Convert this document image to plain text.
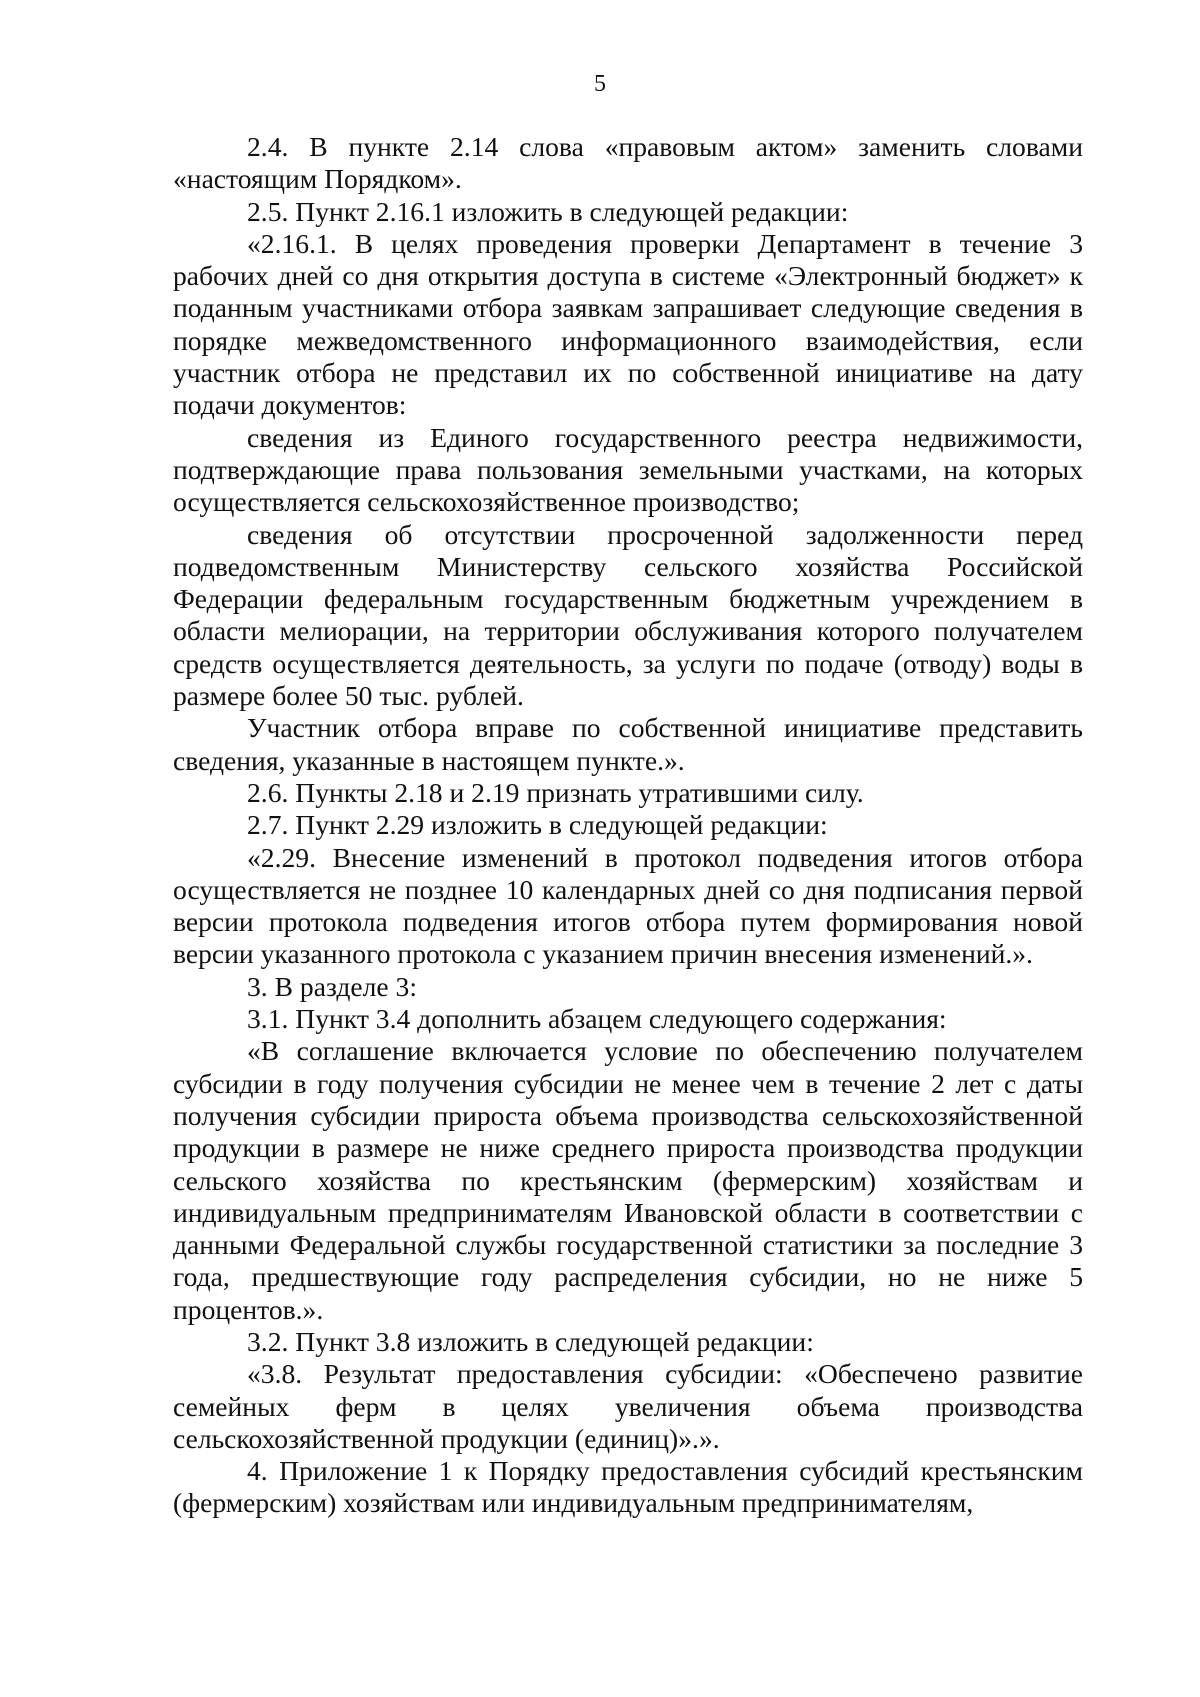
5

2.4. В пункте 2.14 слова «правовым актом» заменить словами «настоящим Порядком».

2.5. Пункт 2.16.1 изложить в следующей редакции:

«2.16.1. В целях проведения проверки Департамент в течение 3 рабочих дней со дня открытия доступа в системе «Электронный бюджет» к поданным участниками отбора заявкам запрашивает следующие сведения в порядке межведомственного информационного взаимодействия, если участник отбора не представил их по собственной инициативе на дату подачи документов:

сведения из Единого государственного реестра недвижимости, подтверждающие права пользования земельными участками, на которых осуществляется сельскохозяйственное производство;

сведения об отсутствии просроченной задолженности перед подведомственным Министерству сельского хозяйства Российской Федерации федеральным государственным бюджетным учреждением в области мелиорации, на территории обслуживания которого получателем средств осуществляется деятельность, за услуги по подаче (отводу) воды в размере более 50 тыс. рублей.

Участник отбора вправе по собственной инициативе представить сведения, указанные в настоящем пункте.».

2.6. Пункты 2.18 и 2.19 признать утратившими силу.

2.7. Пункт 2.29 изложить в следующей редакции:

«2.29. Внесение изменений в протокол подведения итогов отбора осуществляется не позднее 10 календарных дней со дня подписания первой версии протокола подведения итогов отбора путем формирования новой версии указанного протокола с указанием причин внесения изменений.».

3. В разделе 3:

3.1. Пункт 3.4 дополнить абзацем следующего содержания:

«В соглашение включается условие по обеспечению получателем субсидии в году получения субсидии не менее чем в течение 2 лет с даты получения субсидии прироста объема производства сельскохозяйственной продукции в размере не ниже среднего прироста производства продукции сельского хозяйства по крестьянским (фермерским) хозяйствам и индивидуальным предпринимателям Ивановской области в соответствии с данными Федеральной службы государственной статистики за последние 3 года, предшествующие году распределения субсидии, но не ниже 5 процентов.».

3.2. Пункт 3.8 изложить в следующей редакции:

«3.8. Результат предоставления субсидии: «Обеспечено развитие семейных ферм в целях увеличения объема производства сельскохозяйственной продукции (единиц)».».

4. Приложение 1 к Порядку предоставления субсидий крестьянским (фермерским) хозяйствам или индивидуальным предпринимателям,
